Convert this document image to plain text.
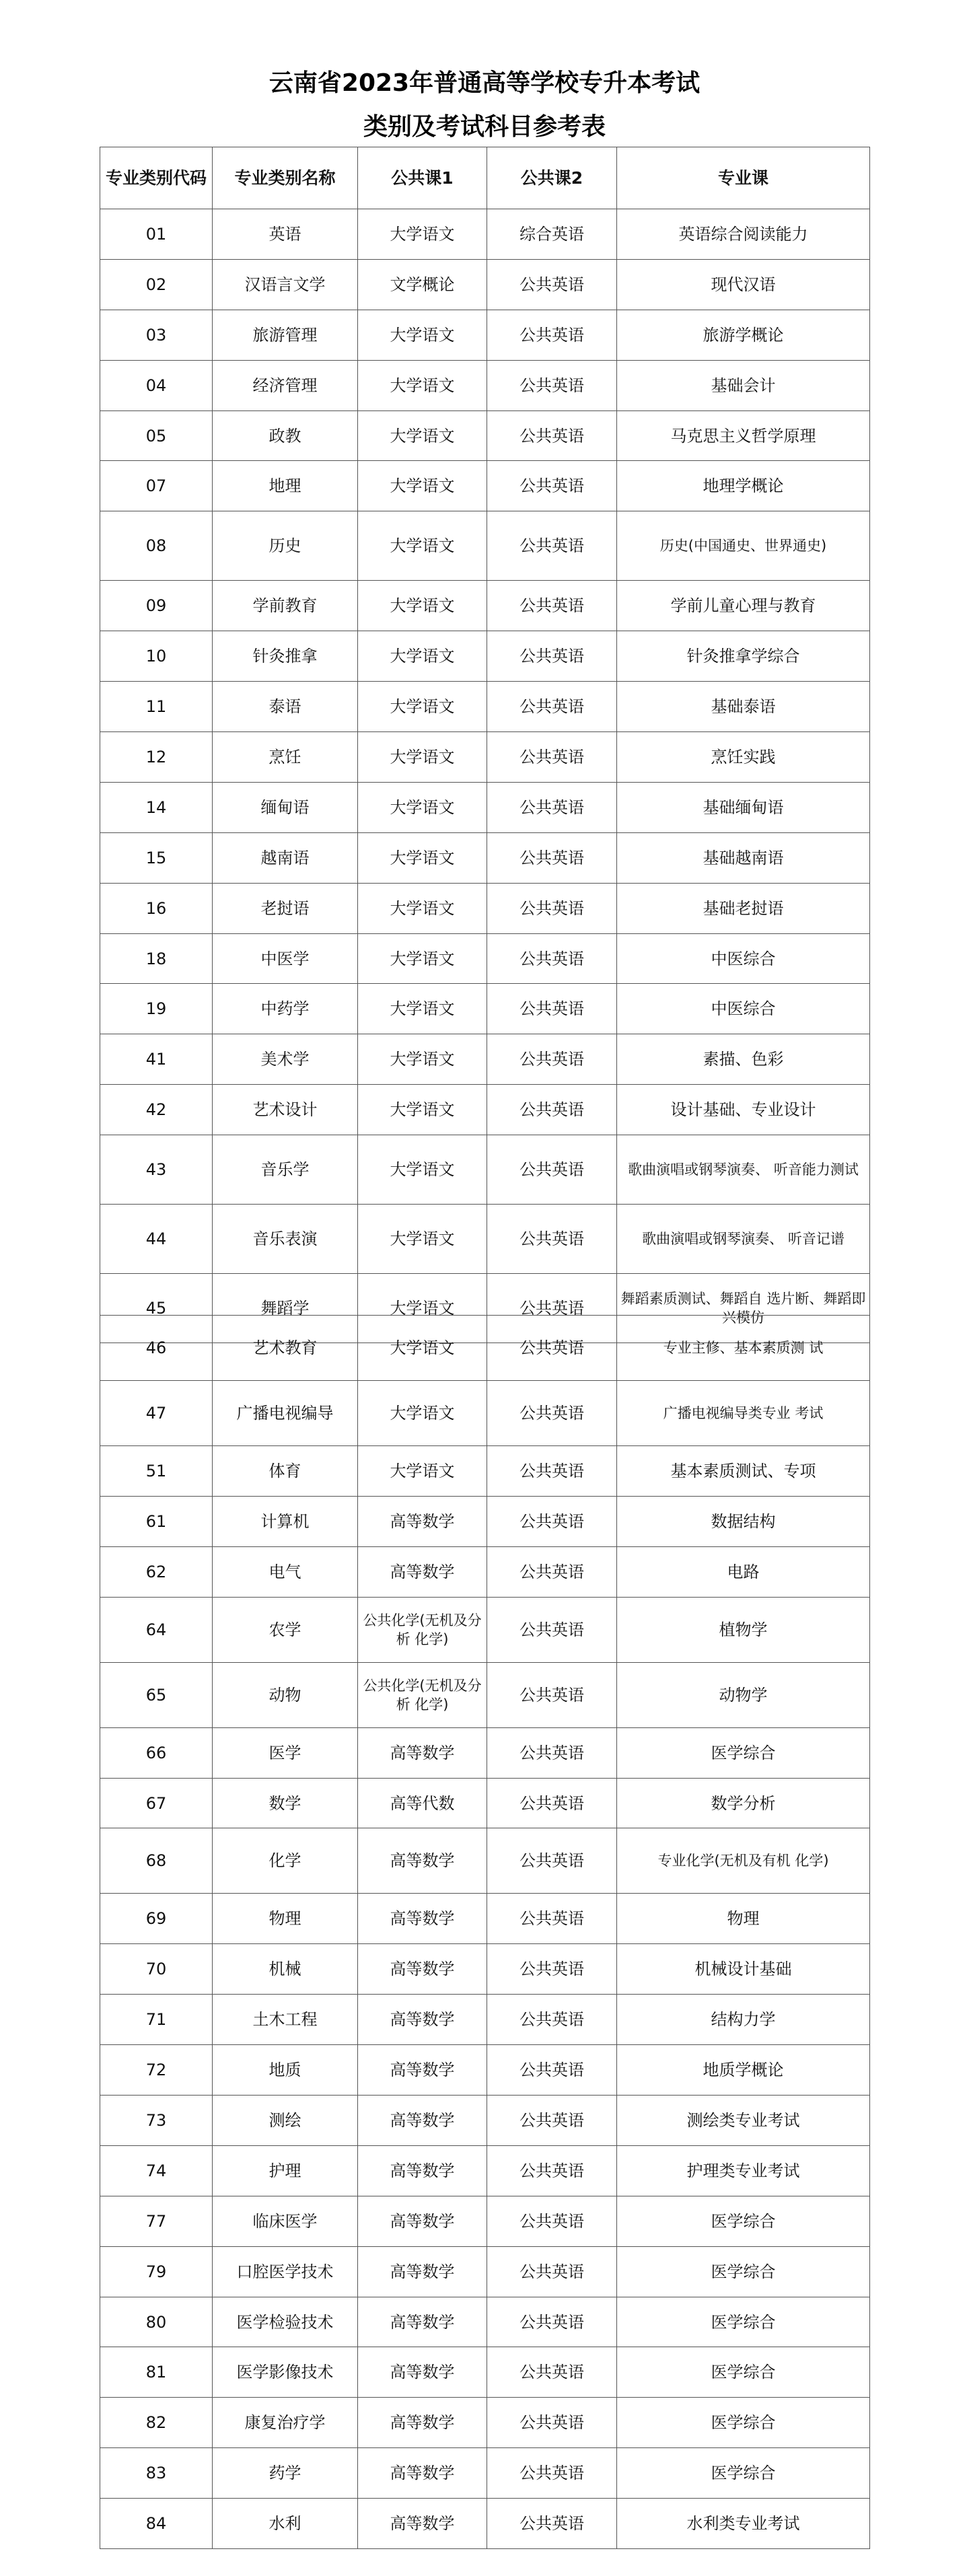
云南省2023年普通高等学校专升本考试
类别及考试科目参考表
专业类别代码	专业类别名称	公共课1	公共课2	专业课
01	英语	大学语文	综合英语	英语综合阅读能力
02	汉语言文学	文学概论	公共英语	现代汉语
03	旅游管理	大学语文	公共英语	旅游学概论
04	经济管理	大学语文	公共英语	基础会计
05	政教	大学语文	公共英语	马克思主义哲学原理
07	地理	大学语文	公共英语	地理学概论
08	历史	大学语文	公共英语	历史(中国通史、世界通史)
09	学前教育	大学语文	公共英语	学前儿童心理与教育
10	针灸推拿	大学语文	公共英语	针灸推拿学综合
11	泰语	大学语文	公共英语	基础泰语
12	烹饪	大学语文	公共英语	烹饪实践
14	缅甸语	大学语文	公共英语	基础缅甸语
15	越南语	大学语文	公共英语	基础越南语
16	老挝语	大学语文	公共英语	基础老挝语
18	中医学	大学语文	公共英语	中医综合
19	中药学	大学语文	公共英语	中医综合
41	美术学	大学语文	公共英语	素描、色彩
42	艺术设计	大学语文	公共英语	设计基础、专业设计
43	音乐学	大学语文	公共英语	歌曲演唱或钢琴演奏、 听音能力测试
44	音乐表演	大学语文	公共英语	歌曲演唱或钢琴演奏、 听音记谱
45	舞蹈学	大学语文	公共英语	舞蹈素质测试、舞蹈自 选片断、舞蹈即兴模仿
46	艺术教育	大学语文	公共英语	专业主修、基本素质测 试
47	广播电视编导	大学语文	公共英语	广播电视编导类专业 考试
51	体育	大学语文	公共英语	基本素质测试、专项
61	计算机	高等数学	公共英语	数据结构
62	电气	高等数学	公共英语	电路
64	农学	公共化学(无机及分析 化学)	公共英语	植物学
65	动物	公共化学(无机及分析 化学)	公共英语	动物学
66	医学	高等数学	公共英语	医学综合
67	数学	高等代数	公共英语	数学分析
68	化学	高等数学	公共英语	专业化学(无机及有机 化学)
69	物理	高等数学	公共英语	物理
70	机械	高等数学	公共英语	机械设计基础
71	土木工程	高等数学	公共英语	结构力学
72	地质	高等数学	公共英语	地质学概论
73	测绘	高等数学	公共英语	测绘类专业考试
74	护理	高等数学	公共英语	护理类专业考试
77	临床医学	高等数学	公共英语	医学综合
79	口腔医学技术	高等数学	公共英语	医学综合
80	医学检验技术	高等数学	公共英语	医学综合
81	医学影像技术	高等数学	公共英语	医学综合
82	康复治疗学	高等数学	公共英语	医学综合
83	药学	高等数学	公共英语	医学综合
84	水利	高等数学	公共英语	水利类专业考试
